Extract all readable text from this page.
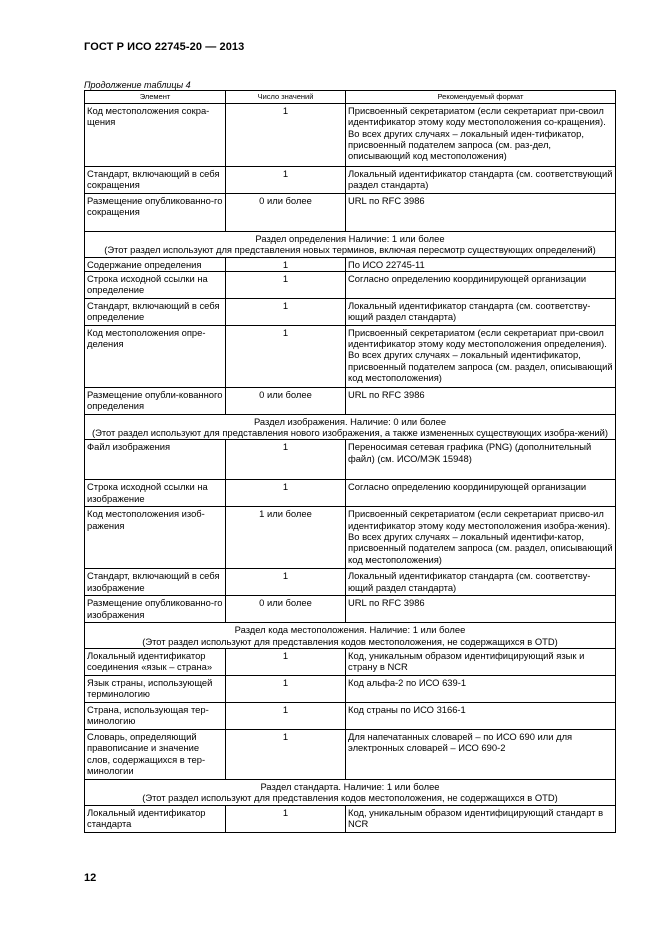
ГОСТ Р ИСО 22745-20 — 2013
Продолжение таблицы 4
Элемент	Число значений	Рекомендуемый формат
Код местоположения сокра-щения	1	Присвоенный секретариатом (если секретариат при-своил идентификатор этому коду местоположения со-кращения). Во всех других случаях – локальный иден-тификатор, присвоенный подателем запроса (см. раз-дел, описывающий код местоположения)
Стандарт, включающий в себя сокращения	1	Локальный идентификатор стандарта (см. соответствующий раздел стандарта)
Размещение опубликованно-го сокращения	0 или более	URL по RFC 3986

Раздел определения Наличие: 1 или более
(Этот раздел используют для представления новых терминов, включая пересмотр существующих определений)		

Содержание определения	1	По ИСО 22745-11
Строка исходной ссылки на определение	1	Согласно определению координирующей организации
Стандарт, включающий в себя определение	1	Локальный идентификатор стандарта (см. соответству-ющий раздел стандарта)
Код местоположения опре-деления	1	Присвоенный секретариатом (если секретариат при-своил идентификатор этому коду местоположения определения). Во всех других случаях – локальный идентификатор, присвоенный подателем запроса (см. раздел, описывающий код местоположения)
Размещение опубли-кованного определения	0 или более	URL по RFC 3986

Раздел изображения. Наличие: 0 или более
(Этот раздел используют для представления нового изображения, а также измененных существующих изобра-жений)		

Файл изображения	1	Переносимая сетевая графика (PNG) (дополнительный файл) (см. ИСО/МЭК 15948)
Строка исходной ссылки на изображение	1	Согласно определению координирующей организации
Код местоположения изоб-ражения	1 или более	Присвоенный секретариатом (если секретариат присво-ил идентификатор этому коду местоположения изобра-жения). Во всех других случаях – локальный идентифи-катор, присвоенный подателем запроса (см. раздел, описывающий код местоположения)
Стандарт, включающий в себя изображение	1	Локальный идентификатор стандарта (см. соответству-ющий раздел стандарта)
Размещение опубликованно-го изображения	0 или более	URL по RFC 3986

Раздел кода местоположения. Наличие: 1 или более
(Этот раздел используют для представления кодов местоположения, не содержащихся в OTD)		

Локальный идентификатор соединения «язык – страна»	1	Код, уникальным образом идентифицирующий язык и страну в NCR
Язык страны, использующей терминологию	1	Код альфа-2 по ИСО 639-1
Страна, использующая тер-минологию	1	Код страны по ИСО 3166-1
Словарь, определяющий правописание и значение слов, содержащихся в тер-минологии	1	Для напечатанных словарей – по ИСО 690 или для электронных словарей – ИСО 690-2

Раздел стандарта. Наличие: 1 или более
(Этот раздел используют для представления кодов местоположения, не содержащихся в OTD)		

Локальный идентификатор стандарта	1	Код, уникальным образом идентифицирующий стандарт в NCR
12
